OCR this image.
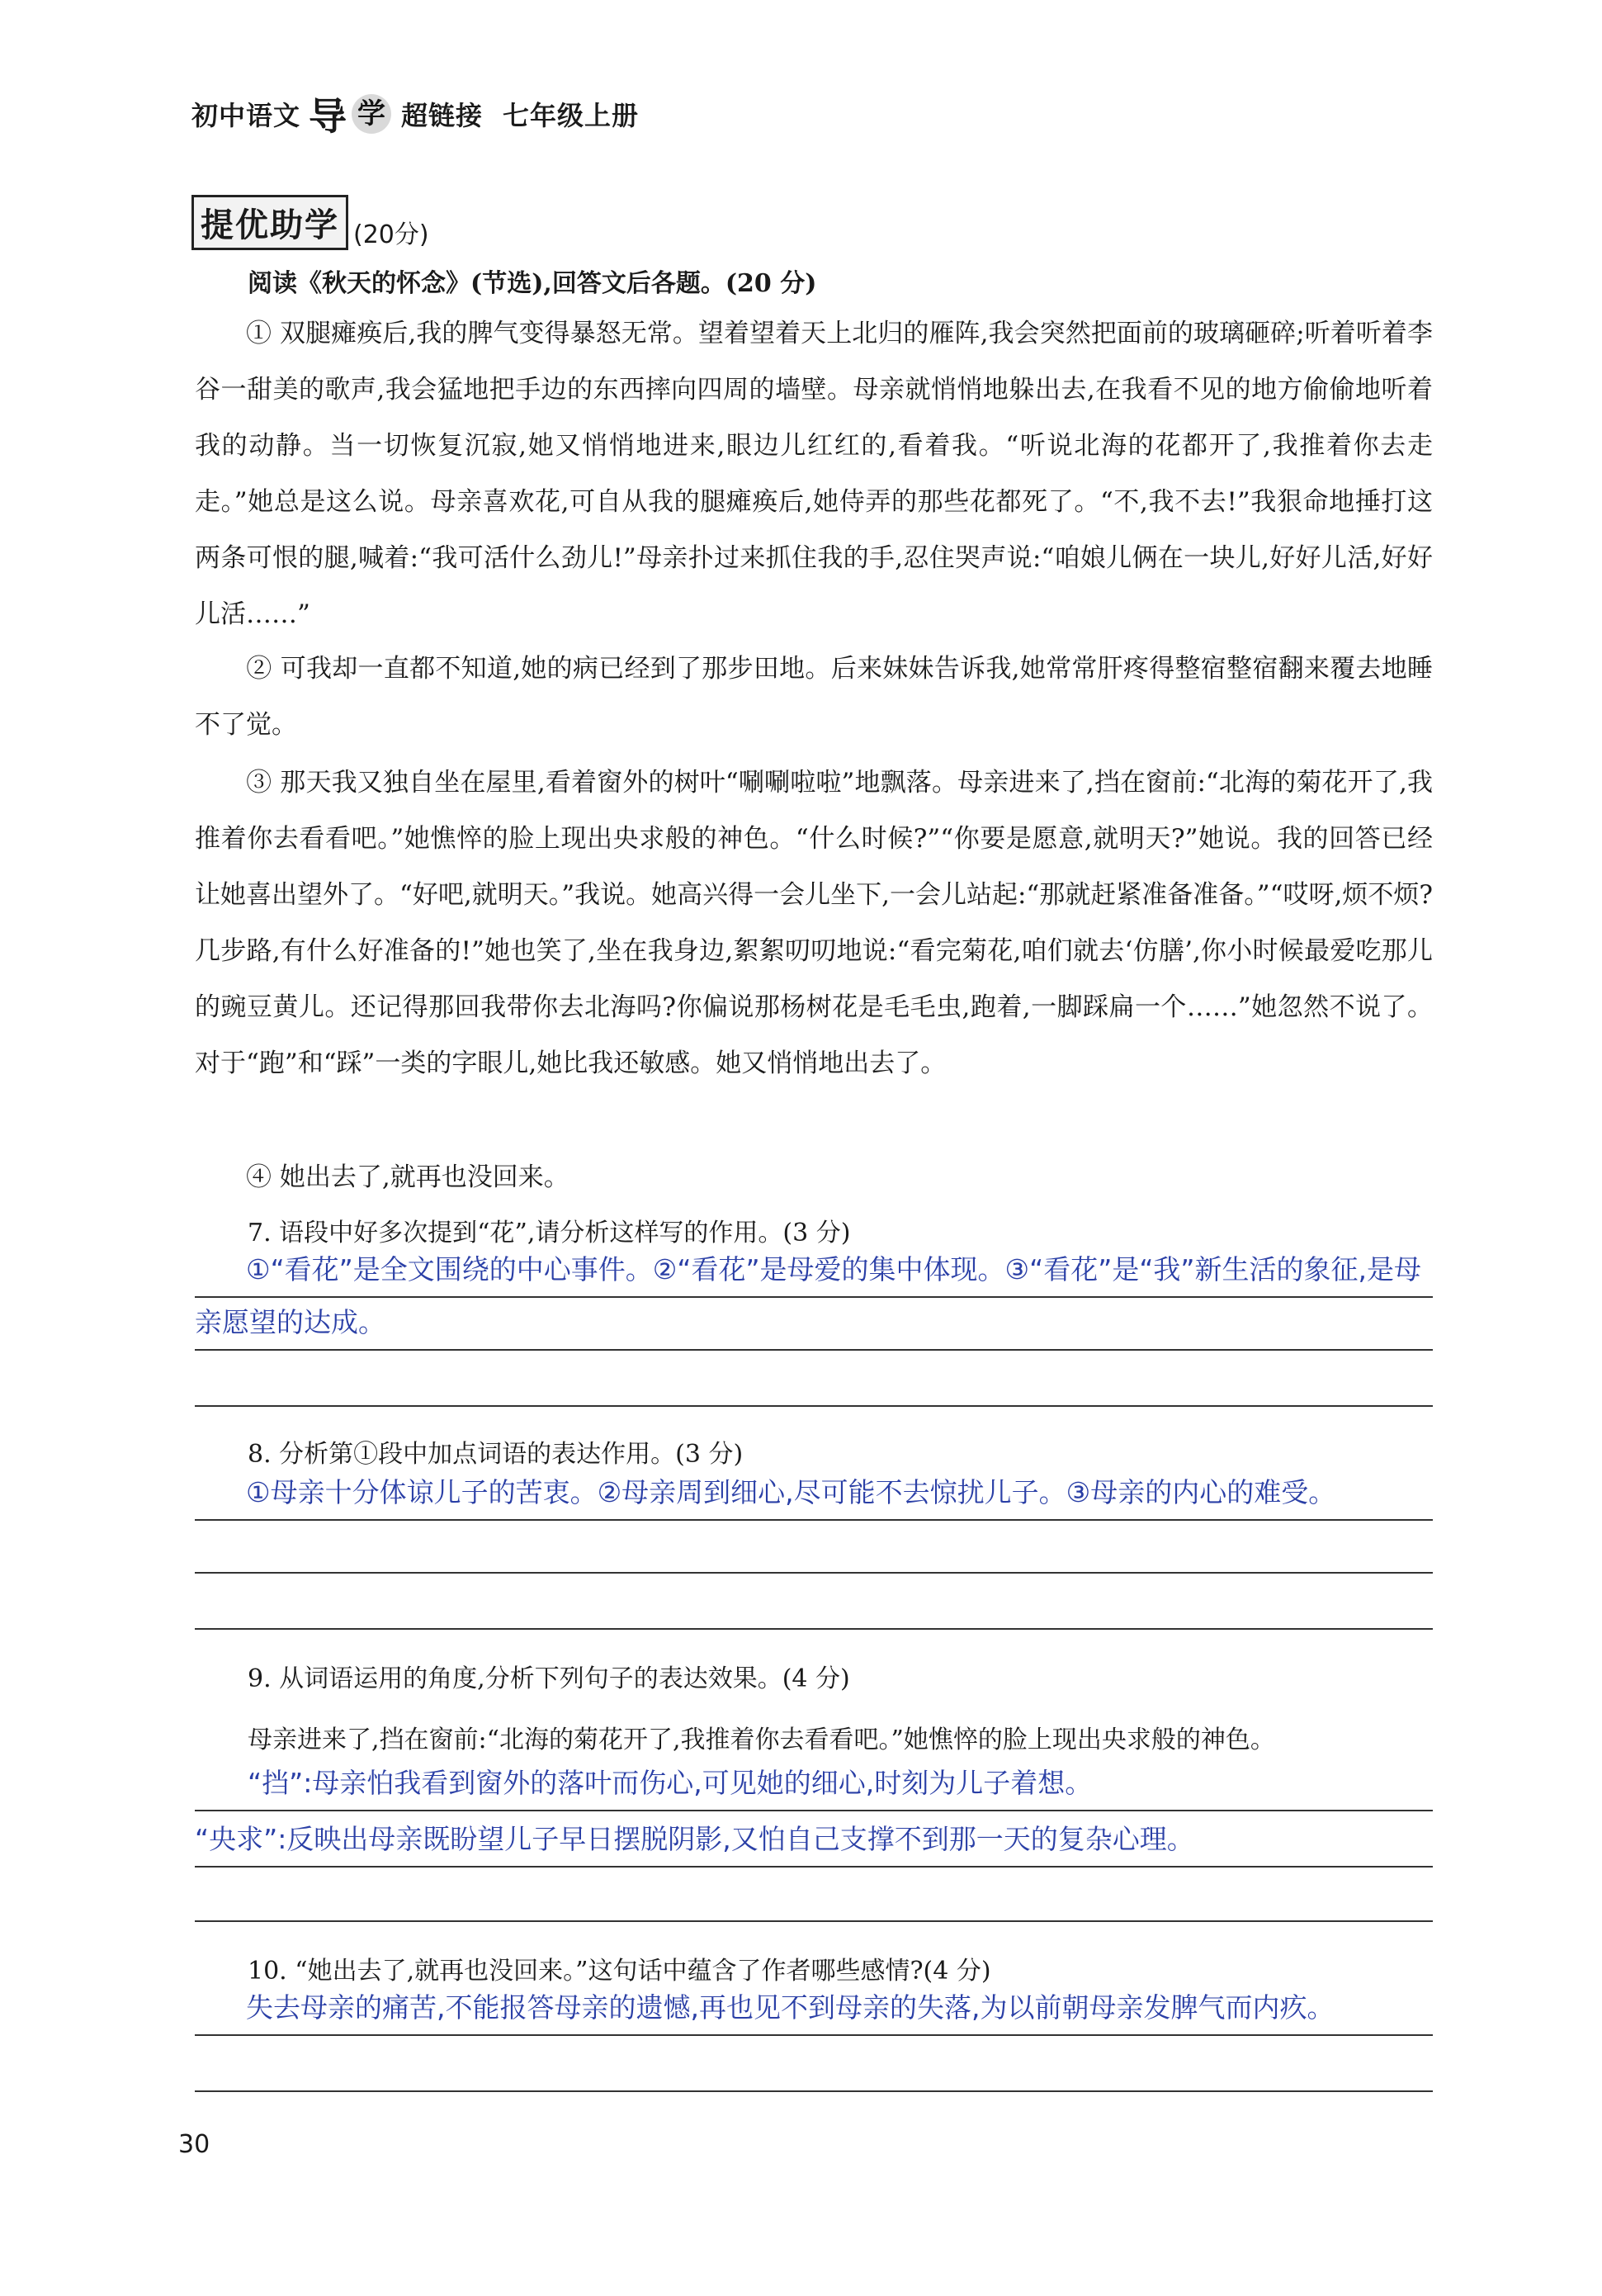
初中语文 导 学 超链接 七年级上册
提优助学 (20分)
阅读《秋天的怀念》(节选),回答文后各题。(20 分)
① 双腿瘫痪后,我的脾气变得暴怒无常。望着望着天上北归的雁阵,我会突然把面前的玻璃砸碎;听着听着李谷一甜美的歌声,我会猛地把手边的东西摔向四周的墙壁。母亲就悄悄地躲出去,在我看不见的地方偷偷地听着我的动静。当一切恢复沉寂,她又悄悄地进来,眼边儿红红的,看着我。“听说北海的花都开了,我推着你去走走。”她总是这么说。母亲喜欢花,可自从我的腿瘫痪后,她侍弄的那些花都死了。“不,我不去!”我狠命地捶打这两条可恨的腿,喊着:“我可活什么劲儿!”母亲扑过来抓住我的手,忍住哭声说:“咱娘儿俩在一块儿,好好儿活,好好儿活……”
② 可我却一直都不知道,她的病已经到了那步田地。后来妹妹告诉我,她常常肝疼得整宿整宿翻来覆去地睡不了觉。
③ 那天我又独自坐在屋里,看着窗外的树叶“唰唰啦啦”地飘落。母亲进来了,挡在窗前:“北海的菊花开了,我推着你去看看吧。”她憔悴的脸上现出央求般的神色。“什么时候?”“你要是愿意,就明天?”她说。我的回答已经让她喜出望外了。“好吧,就明天。”我说。她高兴得一会儿坐下,一会儿站起:“那就赶紧准备准备。”“哎呀,烦不烦?几步路,有什么好准备的!”她也笑了,坐在我身边,絮絮叨叨地说:“看完菊花,咱们就去‘仿膳’,你小时候最爱吃那儿的豌豆黄儿。还记得那回我带你去北海吗?你偏说那杨树花是毛毛虫,跑着,一脚踩扁一个……”她忽然不说了。对于“跑”和“踩”一类的字眼儿,她比我还敏感。她又悄悄地出去了。
④ 她出去了,就再也没回来。
7. 语段中好多次提到“花”,请分析这样写的作用。(3 分)
①“看花”是全文围绕的中心事件。②“看花”是母爱的集中体现。③“看花”是“我”新生活的象征,是母亲愿望的达成。
8. 分析第①段中加点词语的表达作用。(3 分)
①母亲十分体谅儿子的苦衷。②母亲周到细心,尽可能不去惊扰儿子。③母亲的内心的难受。
9. 从词语运用的角度,分析下列句子的表达效果。(4 分)
母亲进来了,挡在窗前:“北海的菊花开了,我推着你去看看吧。”她憔悴的脸上现出央求般的神色。
“挡”:母亲怕我看到窗外的落叶而伤心,可见她的细心,时刻为儿子着想。
“央求”:反映出母亲既盼望儿子早日摆脱阴影,又怕自己支撑不到那一天的复杂心理。
10. “她出去了,就再也没回来。”这句话中蕴含了作者哪些感情?(4 分)
失去母亲的痛苦,不能报答母亲的遗憾,再也见不到母亲的失落,为以前朝母亲发脾气而内疚。
30
